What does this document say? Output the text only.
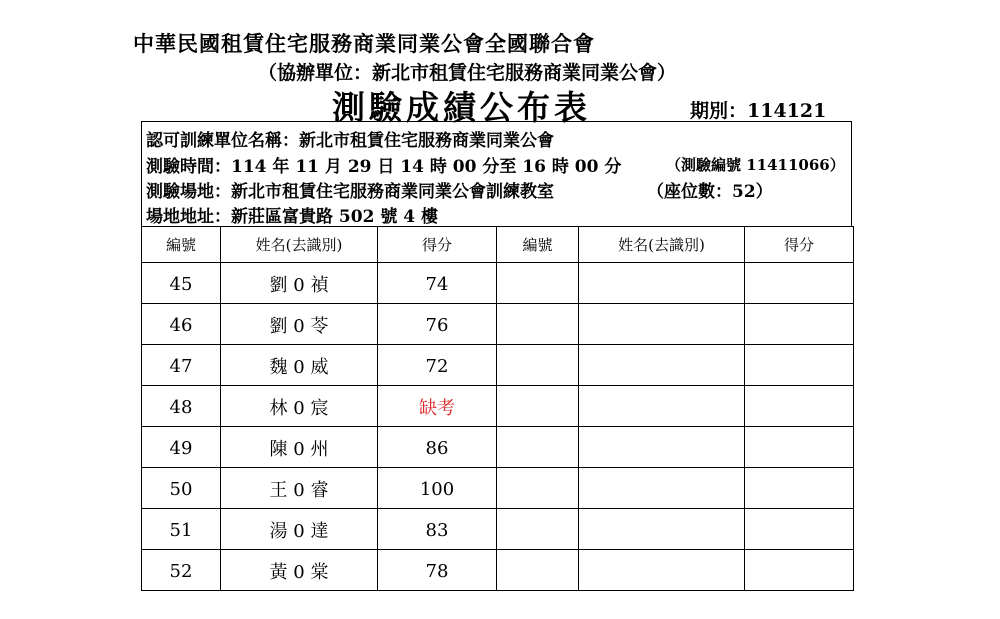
中華民國租賃住宅服務商業同業公會全國聯合會
（協辦單位：新北市租賃住宅服務商業同業公會）
測驗成績公布表	期別：114121
認可訓練單位名稱：新北市租賃住宅服務商業同業公會
測驗時間：114 年 11 月 29 日 14 時 00 分至 16 時 00 分	（測驗編號 11411066）
測驗場地：新北市租賃住宅服務商業同業公會訓練教室	（座位數：52）
場地地址：新莊區富貴路 502 號 4 樓
編號	姓名(去識別)	得分	編號	姓名(去識別)	得分
45	劉 0 禎	74			
46	劉 0 苓	76			
47	魏 0 威	72			
48	林 0 宸	缺考			
49	陳 0 州	86			
50	王 0 睿	100			
51	湯 0 達	83			
52	黃 0 棠	78			
